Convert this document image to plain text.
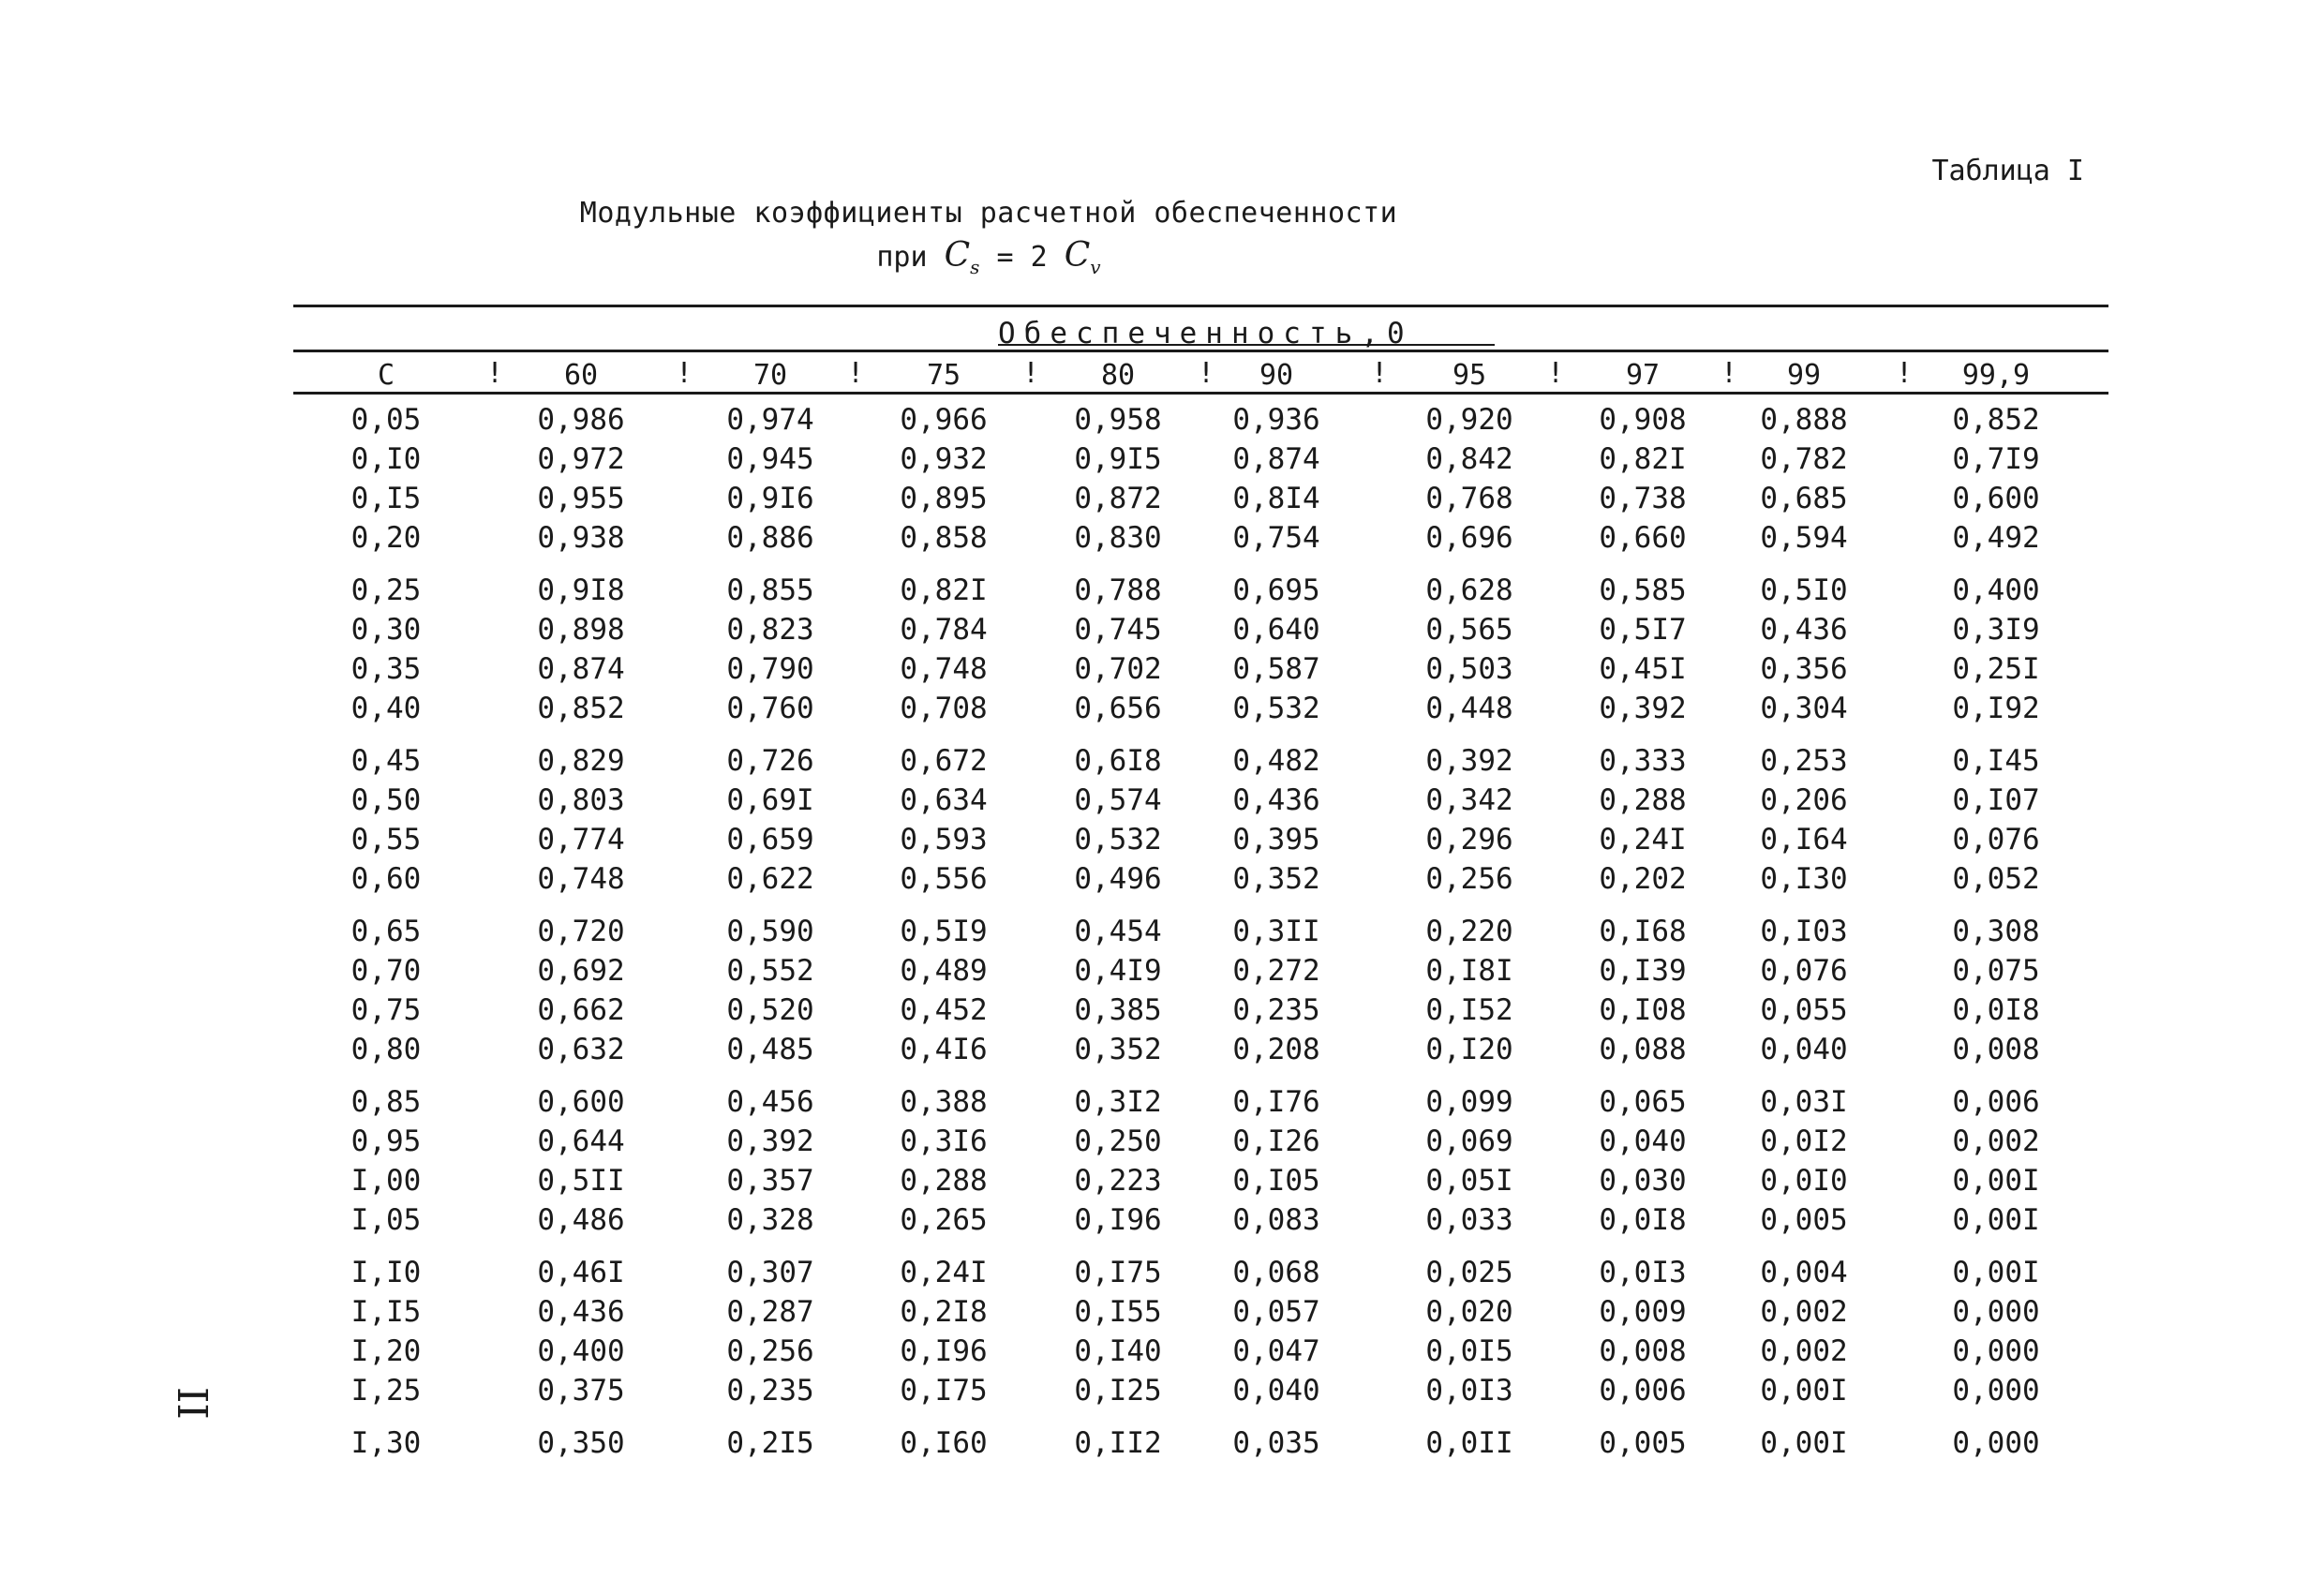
Таблица I
Модульные коэффициенты расчетной обеспеченности
при $C_s = 2$ $C_v$
Обеспеченность,0
C	60	70	75	80	90	95	97	99	99,9
!	!	!	!	!	!	!	!	!
0,05	0,986	0,974	0,966	0,958 0,936	0,920	0,908	0,888	0,852
0,I0	0,972	0,945	0,932	0,9I5 0,874	0,842	0,82I	0,782	0,7I9
0,I5	0,955	0,9I6	0,895	0,872 0,8I4	0,768	0,738	0,685	0,600
0,20	0,938	0,886	0,858	0,830 0,754	0,696	0,660	0,594	0,492
0,25	0,9I8	0,855	0,82I	0,788 0,695	0,628	0,585	0,5I0	0,400
0,30	0,898	0,823	0,784	0,745 0,640	0,565	0,5I7	0,436	0,3I9
0,35	0,874	0,790	0,748	0,702 0,587	0,503	0,45I	0,356	0,25I
0,40	0,852	0,760	0,708	0,656 0,532	0,448	0,392	0,304	0,I92
0,45	0,829	0,726	0,672	0,6I8 0,482	0,392	0,333	0,253	0,I45
0,50	0,803	0,69I	0,634	0,574 0,436	0,342	0,288	0,206	0,I07
0,55	0,774	0,659	0,593	0,532 0,395	0,296	0,24I	0,I64	0,076
0,60	0,748	0,622	0,556	0,496 0,352	0,256	0,202	0,I30	0,052
0,65	0,720	0,590	0,5I9	0,454 0,3II	0,220	0,I68	0,I03	0,308
0,70	0,692	0,552	0,489	0,4I9 0,272	0,I8I	0,I39	0,076	0,075
0,75	0,662	0,520	0,452	0,385 0,235	0,I52	0,I08	0,055	0,0I8
0,80	0,632	0,485	0,4I6	0,352 0,208	0,I20	0,088	0,040	0,008
0,85	0,600	0,456	0,388	0,3I2 0,I76	0,099	0,065	0,03I	0,006
0,95	0,644	0,392	0,3I6	0,250 0,I26	0,069	0,040	0,0I2	0,002
I,00	0,5II	0,357	0,288	0,223 0,I05	0,05I	0,030	0,0I0	0,00I
I,05	0,486	0,328	0,265	0,I96 0,083	0,033	0,0I8	0,005	0,00I
I,I0	0,46I	0,307	0,24I	0,I75 0,068	0,025	0,0I3	0,004	0,00I
I,I5	0,436	0,287	0,2I8	0,I55 0,057	0,020	0,009	0,002	0,000
I,20	0,400	0,256	0,I96	0,I40 0,047	0,0I5	0,008	0,002	0,000
I,25	0,375	0,235	0,I75	0,I25 0,040	0,0I3	0,006	0,00I	0,000
I,30	0,350	0,2I5	0,I60	0,II2 0,035	0,0II	0,005	0,00I	0,000
II
